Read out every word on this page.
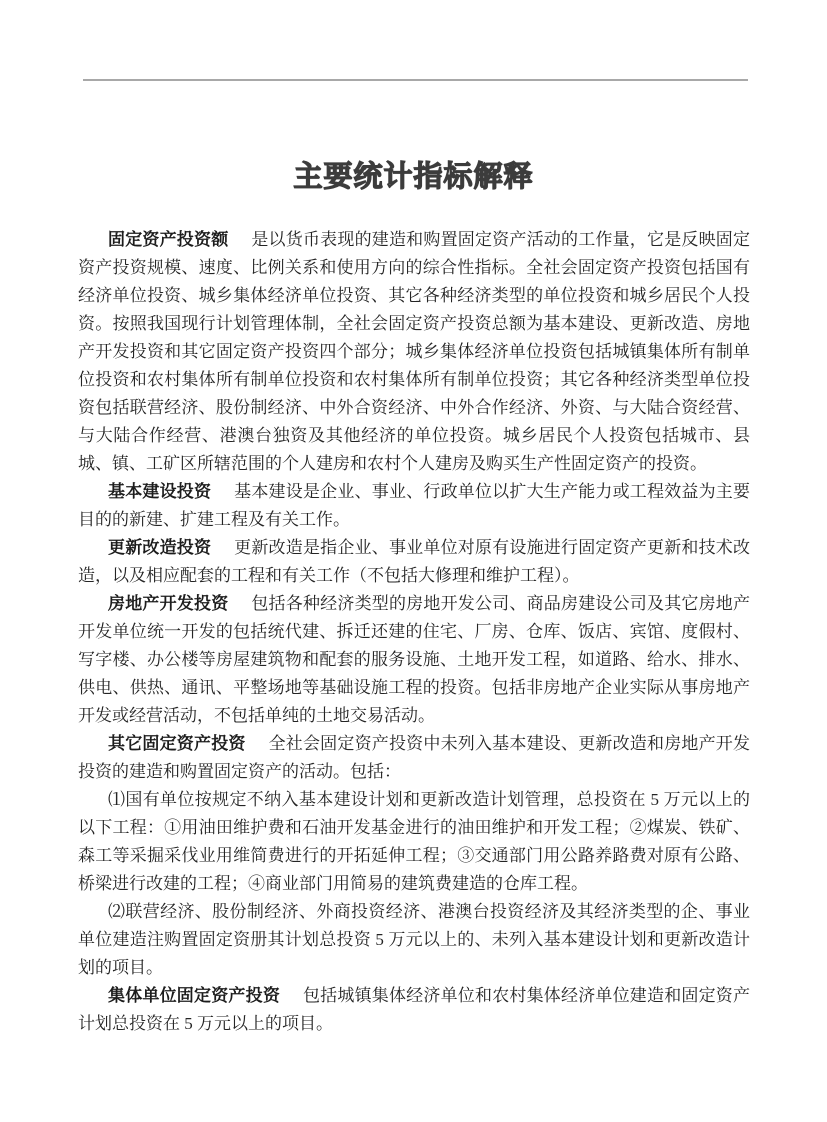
主要统计指标解释

固定资产投资额 是以货币表现的建造和购置固定资产活动的工作量，它是反映固定资产投资规模、速度、比例关系和使用方向的综合性指标。全社会固定资产投资包括国有经济单位投资、城乡集体经济单位投资、其它各种经济类型的单位投资和城乡居民个人投资。按照我国现行计划管理体制，全社会固定资产投资总额为基本建设、更新改造、房地产开发投资和其它固定资产投资四个部分；城乡集体经济单位投资包括城镇集体所有制单位投资和农村集体所有制单位投资和农村集体所有制单位投资；其它各种经济类型单位投资包括联营经济、股份制经济、中外合资经济、中外合作经济、外资、与大陆合资经营、与大陆合作经营、港澳台独资及其他经济的单位投资。城乡居民个人投资包括城市、县城、镇、工矿区所辖范围的个人建房和农村个人建房及购买生产性固定资产的投资。

基本建设投资 基本建设是企业、事业、行政单位以扩大生产能力或工程效益为主要目的的新建、扩建工程及有关工作。

更新改造投资 更新改造是指企业、事业单位对原有设施进行固定资产更新和技术改造，以及相应配套的工程和有关工作（不包括大修理和维护工程）。

房地产开发投资 包括各种经济类型的房地开发公司、商品房建设公司及其它房地产开发单位统一开发的包括统代建、拆迁还建的住宅、厂房、仓库、饭店、宾馆、度假村、写字楼、办公楼等房屋建筑物和配套的服务设施、土地开发工程，如道路、给水、排水、供电、供热、通讯、平整场地等基础设施工程的投资。包括非房地产企业实际从事房地产开发或经营活动，不包括单纯的土地交易活动。

其它固定资产投资 全社会固定资产投资中未列入基本建设、更新改造和房地产开发投资的建造和购置固定资产的活动。包括：

⑴国有单位按规定不纳入基本建设计划和更新改造计划管理，总投资在 5 万元以上的以下工程：①用油田维护费和石油开发基金进行的油田维护和开发工程；②煤炭、铁矿、森工等采掘采伐业用维简费进行的开拓延伸工程；③交通部门用公路养路费对原有公路、桥梁进行改建的工程；④商业部门用简易的建筑费建造的仓库工程。

⑵联营经济、股份制经济、外商投资经济、港澳台投资经济及其经济类型的企、事业单位建造注购置固定资册其计划总投资 5 万元以上的、未列入基本建设计划和更新改造计划的项目。

集体单位固定资产投资 包括城镇集体经济单位和农村集体经济单位建造和固定资产计划总投资在 5 万元以上的项目。
